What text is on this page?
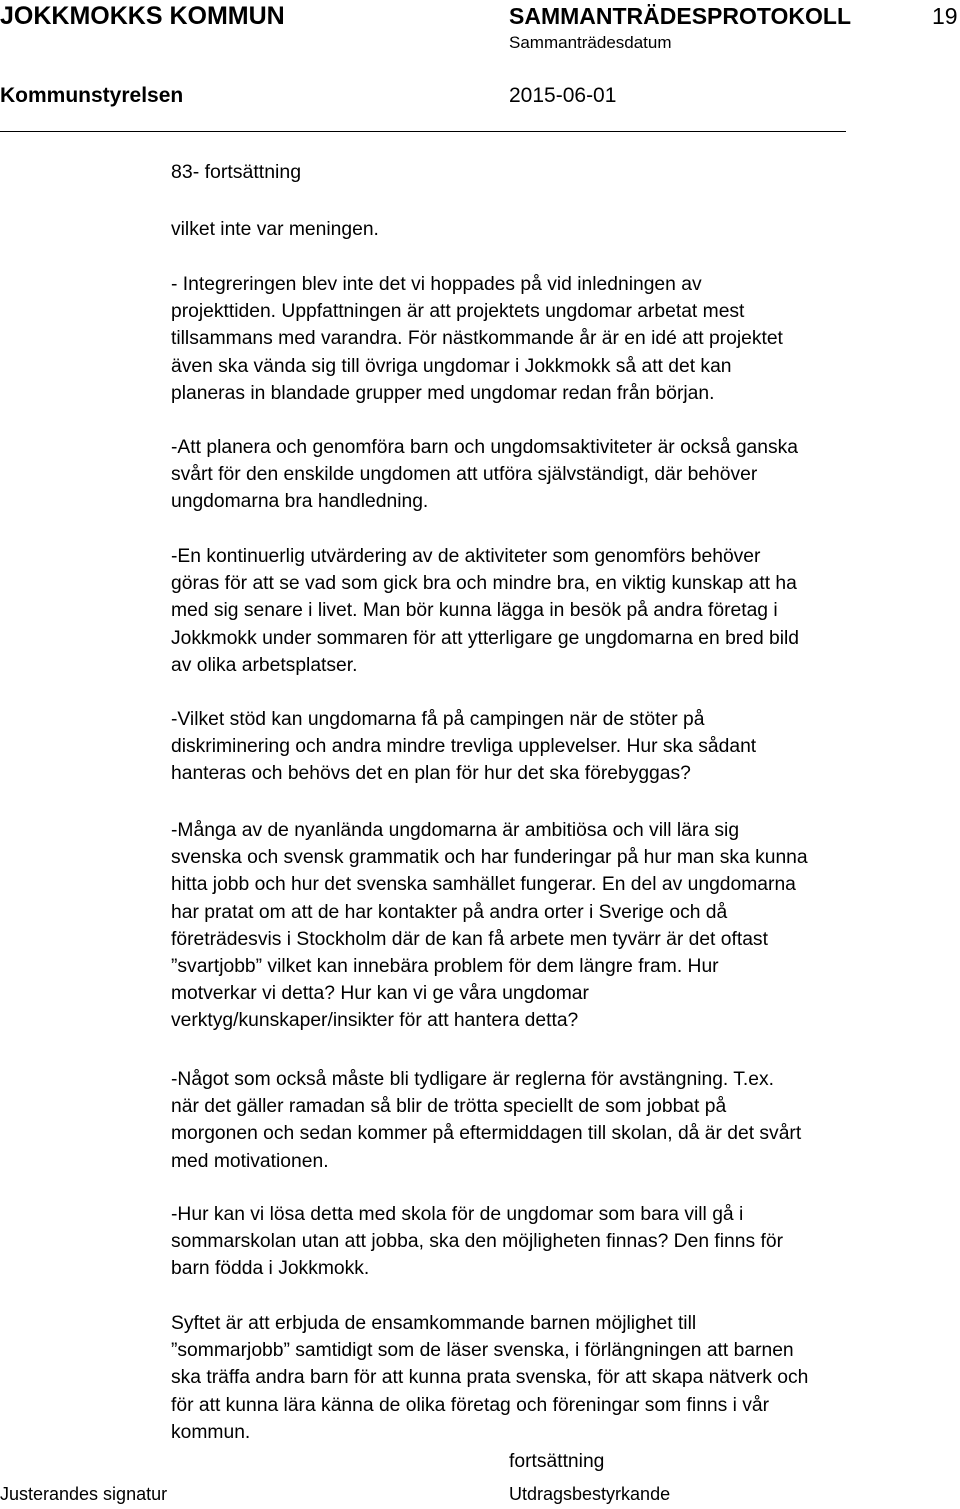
JOKKMOKKS KOMMUN	SAMMANTRÄDESPROTOKOLL	19
Sammanträdesdatum
Kommunstyrelsen	2015-06-01
83- fortsättning
vilket inte var meningen.
- Integreringen blev inte det vi hoppades på vid inledningen av
projekttiden. Uppfattningen är att projektets ungdomar arbetat mest
tillsammans med varandra. För nästkommande år är en idé att projektet
även ska vända sig till övriga ungdomar i Jokkmokk så att det kan
planeras in blandade grupper med ungdomar redan från början.
-Att planera och genomföra barn och ungdomsaktiviteter är också ganska
svårt för den enskilde ungdomen att utföra självständigt, där behöver
ungdomarna bra handledning.
-En kontinuerlig utvärdering av de aktiviteter som genomförs behöver
göras för att se vad som gick bra och mindre bra, en viktig kunskap att ha
med sig senare i livet. Man bör kunna lägga in besök på andra företag i
Jokkmokk under sommaren för att ytterligare ge ungdomarna en bred bild
av olika arbetsplatser.
-Vilket stöd kan ungdomarna få på campingen när de stöter på
diskriminering och andra mindre trevliga upplevelser. Hur ska sådant
hanteras och behövs det en plan för hur det ska förebyggas?
-Många av de nyanlända ungdomarna är ambitiösa och vill lära sig
svenska och svensk grammatik och har funderingar på hur man ska kunna
hitta jobb och hur det svenska samhället fungerar. En del av ungdomarna
har pratat om att de har kontakter på andra orter i Sverige och då
företrädesvis i Stockholm där de kan få arbete men tyvärr är det oftast
”svartjobb” vilket kan innebära problem för dem längre fram. Hur
motverkar vi detta? Hur kan vi ge våra ungdomar
verktyg/kunskaper/insikter för att hantera detta?
-Något som också måste bli tydligare är reglerna för avstängning. T.ex.
när det gäller ramadan så blir de trötta speciellt de som jobbat på
morgonen och sedan kommer på eftermiddagen till skolan, då är det svårt
med motivationen.
-Hur kan vi lösa detta med skola för de ungdomar som bara vill gå i
sommarskolan utan att jobba, ska den möjligheten finnas? Den finns för
barn födda i Jokkmokk.
Syftet är att erbjuda de ensamkommande barnen möjlighet till
”sommarjobb” samtidigt som de läser svenska, i förlängningen att barnen
ska träffa andra barn för att kunna prata svenska, för att skapa nätverk och
för att kunna lära känna de olika företag och föreningar som finns i vår
kommun.
fortsättning
Justerandes signatur	Utdragsbestyrkande
